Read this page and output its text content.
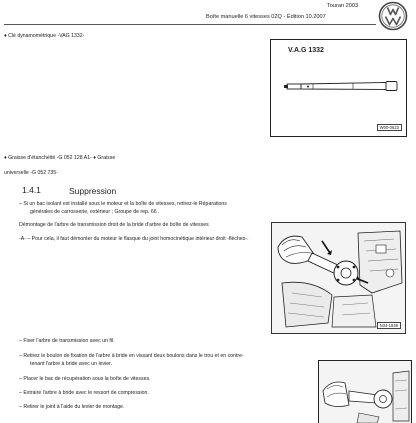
Touran 2003
Boîte manuelle 6 vitesses 02Q - Édition 10.2007
♦ Clé dynamométrique -VAG 1332-
V.A.G 1332
W00-0623
♦ Graisse d'étanchéité -G 052 128 A1- ♦ Graisse
universelle -G 052 735-
1.4.1	Suppression
– Si un bac isolant est installé sous le moteur et la boîte de vitesses, retirez-le Réparations
générales de carrosserie, extérieur ; Groupe de rep. 66 .
Démontage de l'arbre de transmission droit de la bride d'arbre de boîte de vitesses
-A- – Pour cela, il faut démonter du moteur le flasque du joint homocinétique intérieur droit -flèches-.
N34-1849
– Fixer l'arbre de transmission avec un fil.
– Retirez le boulon de fixation de l'arbre à bride en vissant deux boulons dans le trou et en contre-
tenant l'arbre à bride avec un levier.
– Placer le bac de récupération sous la boîte de vitesses.
– Extraire l'arbre à bride avec le ressort de compression.
– Retirer le joint à l'aide du levier de montage.
